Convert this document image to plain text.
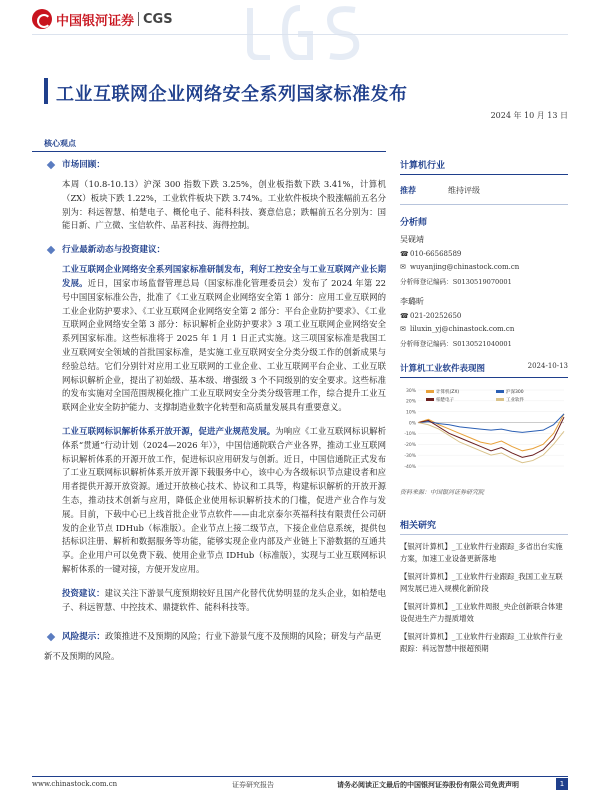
中国银河证券 CGS
工业互联网企业网络安全系列国家标准发布
2024 年 10 月 13 日
核心观点
市场回顾：
本周（10.8-10.13）沪深 300 指数下跌 3.25%，创业板指数下跌 3.41%，计算机（ZX）板块下跌 1.22%，工业软件板块下跌 3.74%。工业软件板块个股涨幅前五名分别为：科远智慧、柏楚电子、概伦电子、能科科技、赛意信息；跌幅前五名分别为：国能日新、广立微、宝信软件、品茗科技、海得控制。
行业最新动态与投资建议：
工业互联网企业网络安全系列国家标准研制发布，利好工控安全与工业互联网产业长期发展。近日，国家市场监督管理总局（国家标准化管理委员会）发布了 2024 年第 22 号中国国家标准公告，批准了《工业互联网企业网络安全第 1 部分：应用工业互联网的工业企业防护要求》、《工业互联网企业网络安全第 2 部分：平台企业防护要求》、《工业互联网企业网络安全第 3 部分：标识解析企业防护要求》3 项工业互联网企业网络安全系列国家标准。这些标准将于 2025 年 1 月 1 日正式实施。这三项国家标准是我国工业互联网安全领域的首批国家标准，是实施工业互联网安全分类分级工作的创新成果与经验总结。它们分别针对应用工业互联网的工业企业、工业互联网平台企业、工业互联网标识解析企业，提出了初始级、基本级、增强级 3 个不同级别的安全要求。这些标准的发布实施对全国范围规模化推广工业互联网安全分类分级管理工作，综合提升工业互联网企业安全防护能力、支撑制造业数字化转型和高质量发展具有重要意义。
工业互联网标识解析体系开放开源，促进产业规范发展。为响应《工业互联网标识解析体系“贯通”行动计划（2024—2026 年）》，中国信通院联合产业各界，推动工业互联网标识解析体系的开源开放工作，促进标识应用研发与创新。近日，中国信通院正式发布了工业互联网标识解析体系开放开源下载服务中心，该中心为各级标识节点建设者和应用者提供开源开放资源。通过开放核心技术、协议和工具等，构建标识解析的开放开源生态，推动技术创新与应用，降低企业使用标识解析技术的门槛，促进产业合作与发展。目前，下载中心已上线首批企业节点软件——由北京泰尔英福科技有限责任公司研发的企业节点 IDHub（标准版）。企业节点上接二级节点，下接企业信息系统，提供包括标识注册、解析和数据服务等功能，能够实现企业内部及产业链上下游数据的互通共享。企业用户可以免费下载、使用企业节点 IDHub（标准版），实现与工业互联网标识解析体系的一键对接，方便开发应用。
投资建议：建议关注下游景气度预期较好且国产化替代优势明显的龙头企业，如柏楚电子、科远智慧、中控技术、鼎捷软件、能科科技等。
风险提示：政策推进不及预期的风险；行业下游景气度不及预期的风险；研发与产品更新不及预期的风险。
计算机行业
推荐	维持评级
分析师
吴砚靖
☎ 010-66568589
✉ wuyanjing@chinastock.com.cn
分析师登记编码：S0130519070001
李璐昕
☎ 021-20252650
✉ liluxin_yj@chinastock.com.cn
分析师登记编码：S0130521040001
计算机工业软件表现图	2024-10-13
-40%
-30%
-20%
-10%
0%
10%
20%
30%	计算机(ZX)	沪深300
柏楚电子	工业软件
资料来源：中国银河证券研究院
相关研究
【银河计算机】_工业软件行业跟踪_多省出台实施方案，加速工业设备更新落地
【银河计算机】_工业软件行业跟踪_我国工业互联网发展已进入规模化新阶段
【银河计算机】_工业软件周报_央企创新联合体建设促进生产力提质增效
【银河计算机】_工业软件行业跟踪_工业软件行业跟踪：科远智慧中报超预期
www.chinastock.com.cn	证券研究报告	请务必阅读正文最后的中国银河证券股份有限公司免责声明	1
